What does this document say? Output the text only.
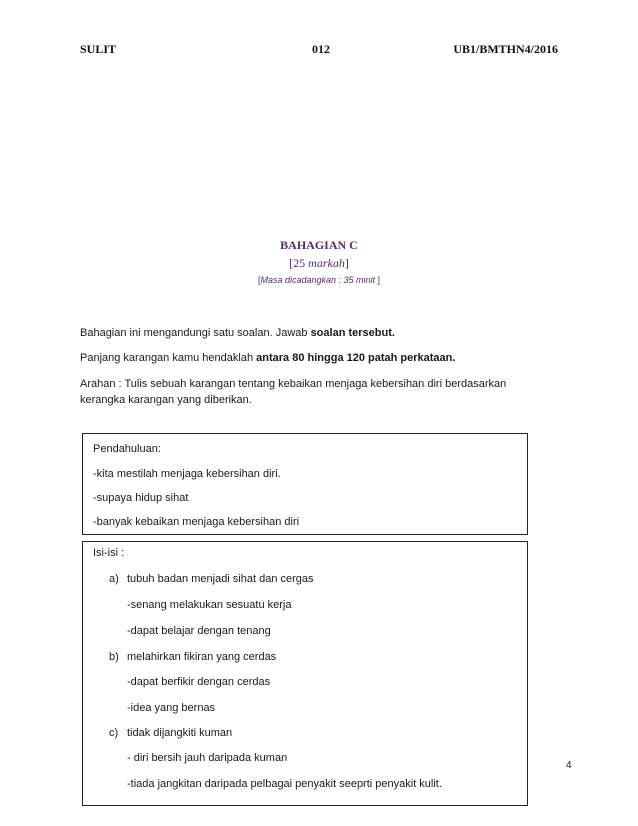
SULIT	012	UB1/BMTHN4/2016
BAHAGIAN C
[25 markah]
[Masa dicadangkan : 35 minit ]
Bahagian ini mengandungi satu soalan. Jawab soalan tersebut.
Panjang karangan kamu hendaklah antara 80 hingga 120 patah perkataan.
Arahan : Tulis sebuah karangan tentang kebaikan menjaga kebersihan diri berdasarkan
kerangka karangan yang diberikan.
Pendahuluan:
-kita mestilah menjaga kebersihan diri.
-supaya hidup sihat
-banyak kebaikan menjaga kebersihan diri
Isi-isi :
a) tubuh badan menjadi sihat dan cergas
-senang melakukan sesuatu kerja
-dapat belajar dengan tenang
b) melahirkan fikiran yang cerdas
-dapat berfikir dengan cerdas
-idea yang bernas
c) tidak dijangkiti kuman
- diri bersih jauh daripada kuman
-tiada jangkitan daripada pelbagai penyakit seeprti penyakit kulit.
4
